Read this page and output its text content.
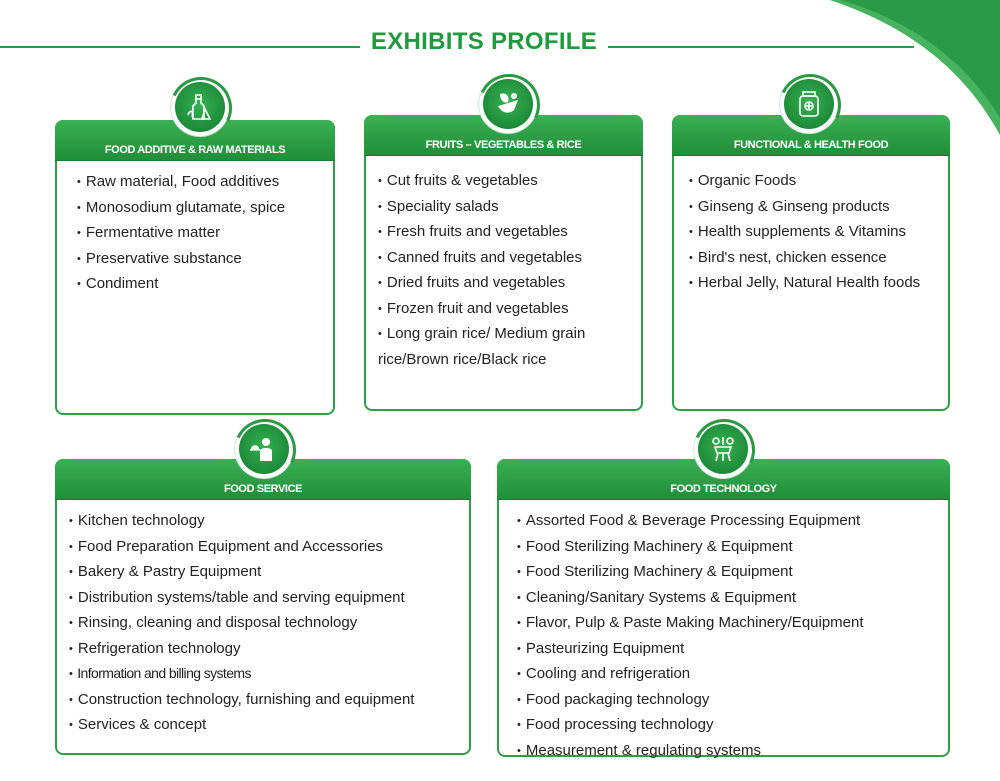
EXHIBITS PROFILE
FOOD ADDITIVE & RAW MATERIALS
• Raw material, Food additives
• Monosodium glutamate, spice
• Fermentative matter
• Preservative substance
• Condiment
FRUITS – VEGETABLES & RICE
• Cut fruits & vegetables
• Speciality salads
• Fresh fruits and vegetables
• Canned fruits and vegetables
• Dried fruits and vegetables
• Frozen fruit and vegetables
• Long grain rice/ Medium grain rice/Brown rice/Black rice
FUNCTIONAL & HEALTH FOOD
• Organic Foods
• Ginseng & Ginseng products
• Health supplements & Vitamins
• Bird's nest, chicken essence
• Herbal Jelly, Natural Health foods
FOOD SERVICE
• Kitchen technology
• Food Preparation Equipment and Accessories
• Bakery & Pastry Equipment
• Distribution systems/table and serving equipment
• Rinsing, cleaning and disposal technology
• Refrigeration technology
• Information and billing systems
• Construction technology, furnishing and equipment
• Services & concept
FOOD TECHNOLOGY
• Assorted Food & Beverage Processing Equipment
• Food Sterilizing Machinery & Equipment
• Food Sterilizing Machinery & Equipment
• Cleaning/Sanitary Systems & Equipment
• Flavor, Pulp & Paste Making Machinery/Equipment
• Pasteurizing Equipment
• Cooling and refrigeration
• Food packaging technology
• Food processing technology
• Measurement & regulating systems
